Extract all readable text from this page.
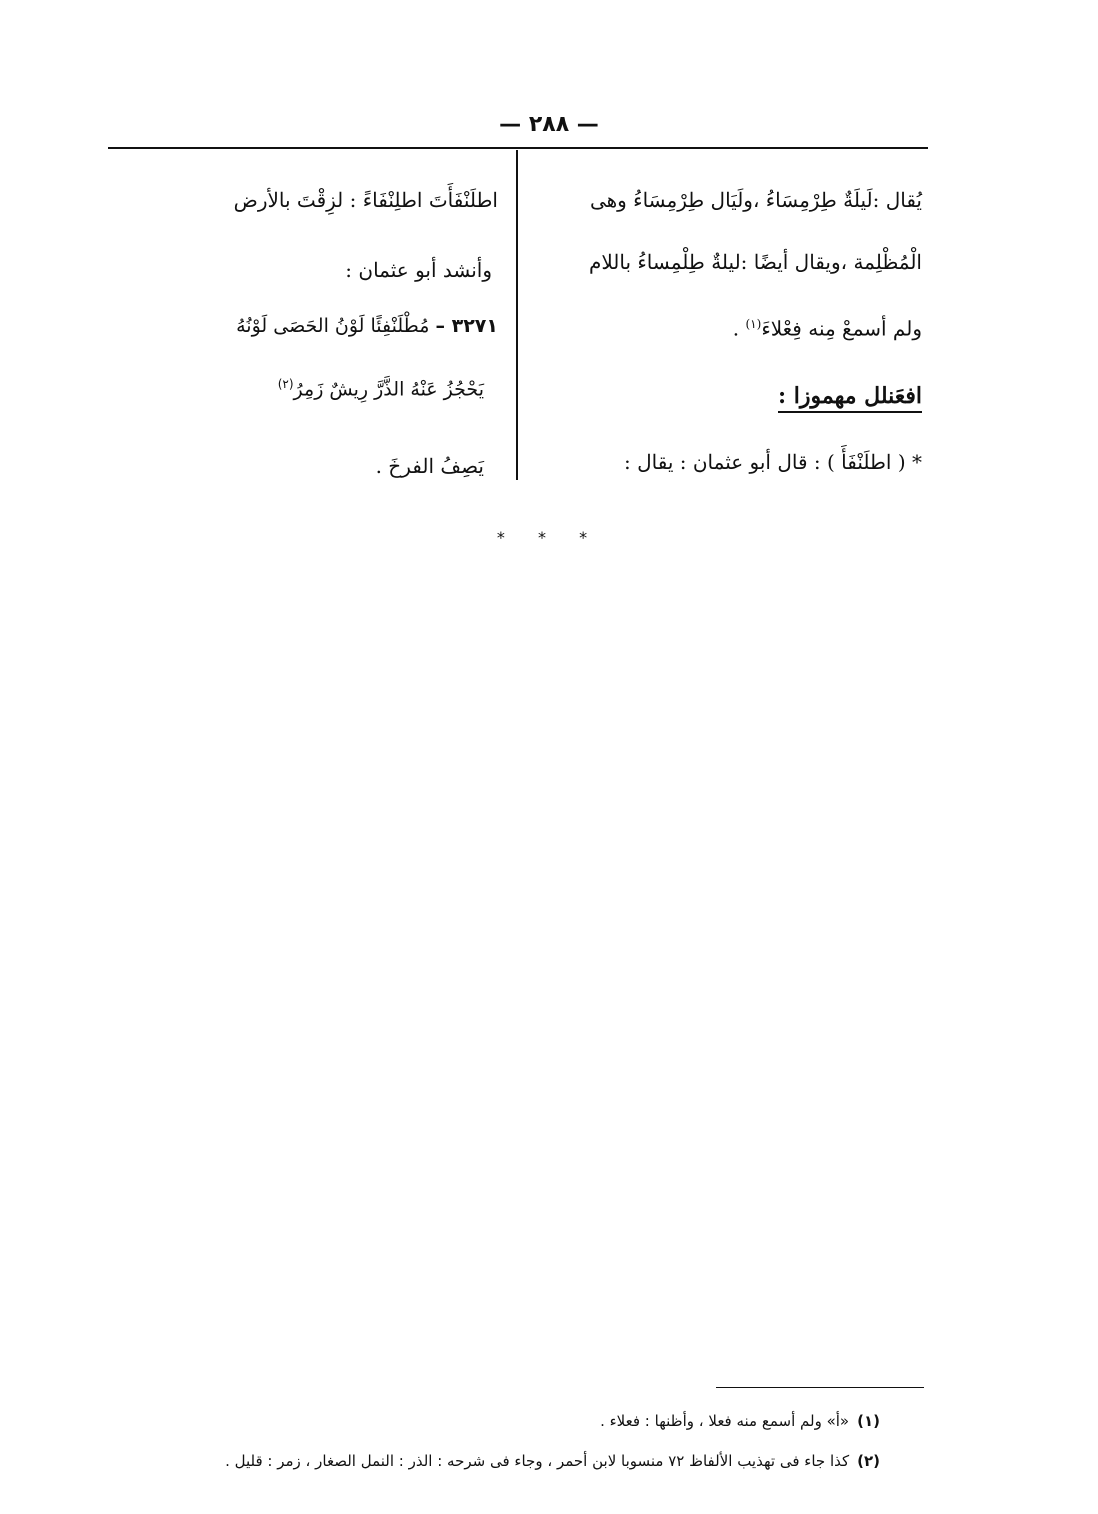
— ٢٨٨ —
يُقال :لَيلَةٌ طِرْمِسَاءُ ،ولَيَال طِرْمِسَاءُ وهى
الْمُظْلِمة ،ويقال أيضًا :ليلةٌ طِلْمِساءُ باللام
ولم أسمعْ مِنه فِعْلاءَ$^{(١)}$ .
افعَنلل مهموزا :
* ( اطلَنْفَأَ ) : قال أبو عثمان : يقال :
اطلَنْفَأَتَ اطلِنْفَاءً : لزِقْتَ بالأرض
وأنشد أبو عثمان :
٣٢٧١ – مُطْلَنْفِئًا لَوْنُ الحَصَى لَوْنُهُ
يَحْجُزُ عَنْهُ الذَّرَّ رِيشٌ زَمِرُ$^{(٢)}$
يَصِفُ الفرخَ .
* * *
(١)«أ» ولم أسمع منه فعلا ، وأظنها : فعلاء .
(٢)كذا جاء فى تهذيب الألفاظ ٧٢ منسوبا لابن أحمر ، وجاء فى شرحه : الذر : النمل الصغار ، زمر : قليل .
